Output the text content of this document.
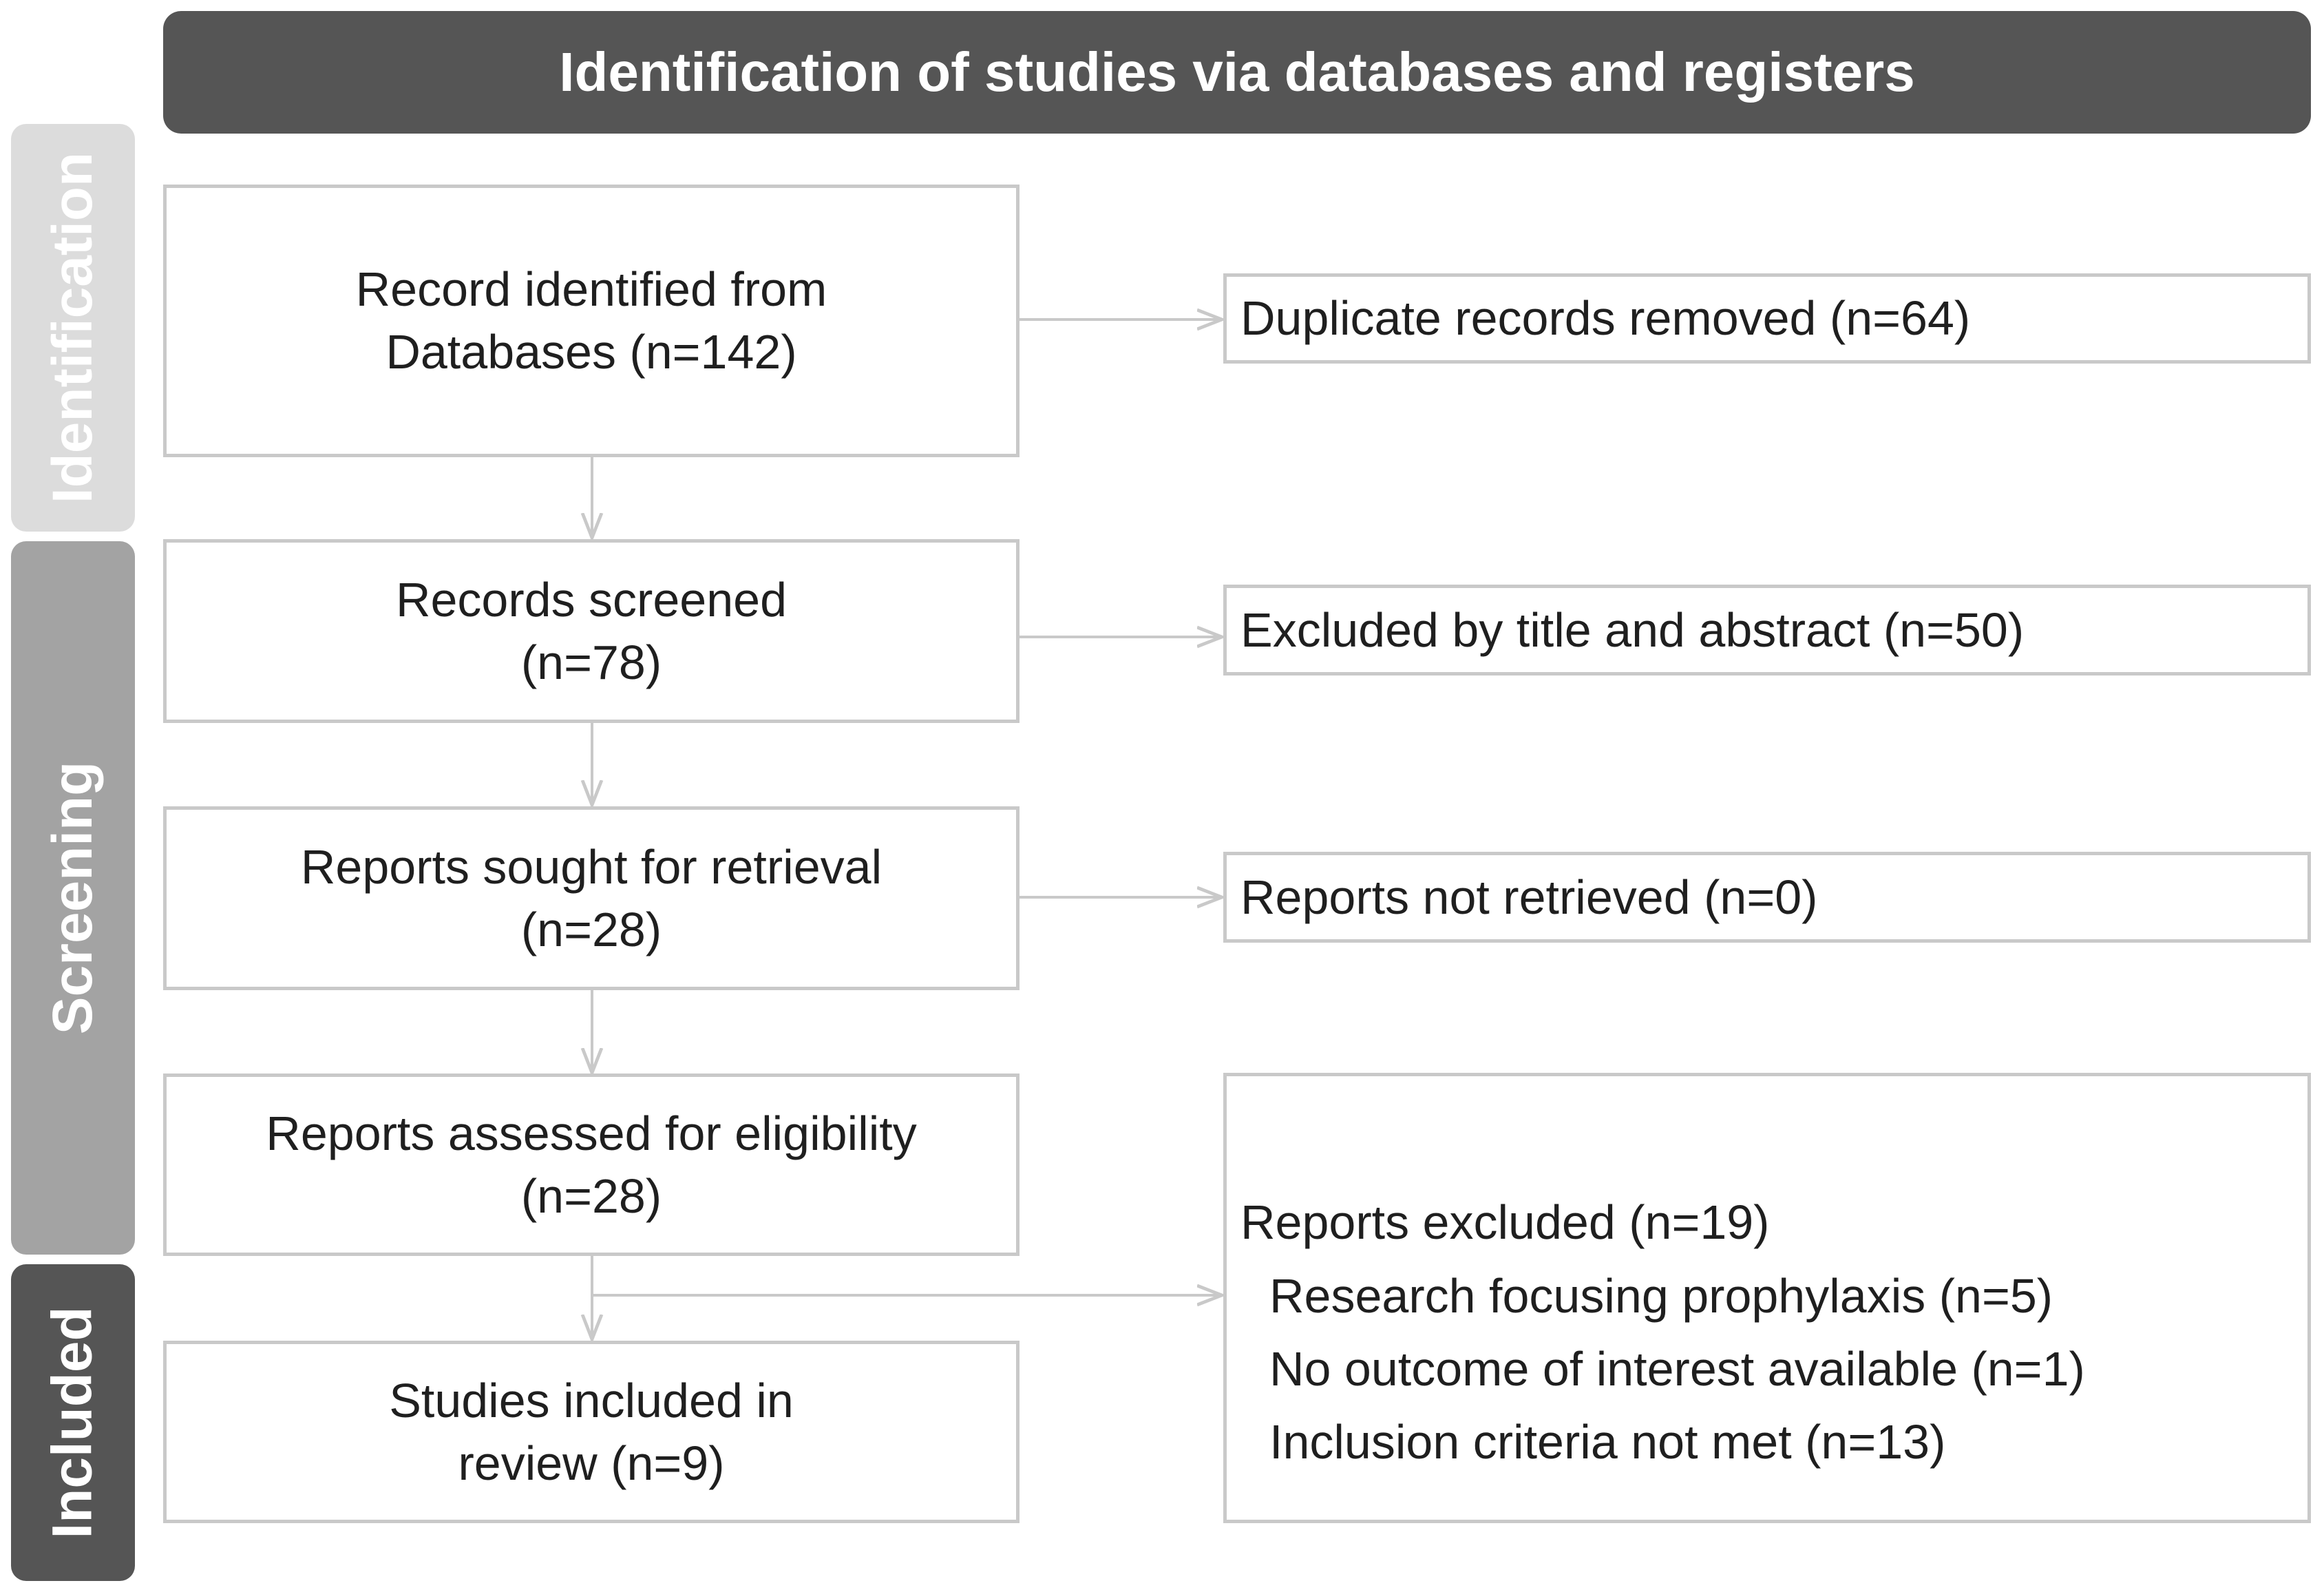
Identification of studies via databases and registers
Identification
Screening
Included
Record identified from
Databases (n=142)
Records screened
(n=78)
Reports sought for retrieval
(n=28)
Reports assessed for eligibility
(n=28)
Studies included in
review (n=9)
Duplicate records removed (n=64)
Excluded by title and abstract (n=50)
Reports not retrieved (n=0)
Reports excluded (n=19)
Research focusing prophylaxis (n=5)
No outcome of interest available (n=1)
Inclusion criteria not met (n=13)
